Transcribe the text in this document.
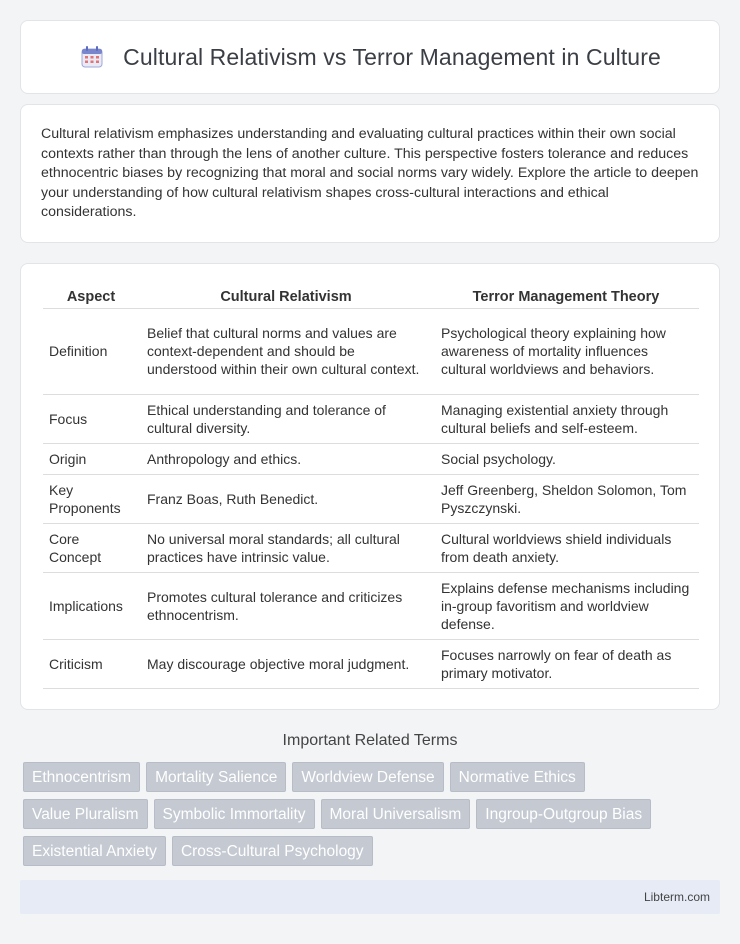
Cultural Relativism vs Terror Management in Culture

Cultural relativism emphasizes understanding and evaluating cultural practices within their own social contexts rather than through the lens of another culture. This perspective fosters tolerance and reduces ethnocentric biases by recognizing that moral and social norms vary widely. Explore the article to deepen your understanding of how cultural relativism shapes cross-cultural interactions and ethical considerations.

Aspect	Cultural Relativism	Terror Management Theory
Definition	Belief that cultural norms and values are context-dependent and should be understood within their own cultural context.	Psychological theory explaining how awareness of mortality influences cultural worldviews and behaviors.
Focus	Ethical understanding and tolerance of cultural diversity.	Managing existential anxiety through cultural beliefs and self-esteem.
Origin	Anthropology and ethics.	Social psychology.
Key Proponents	Franz Boas, Ruth Benedict.	Jeff Greenberg, Sheldon Solomon, Tom Pyszczynski.
Core Concept	No universal moral standards; all cultural practices have intrinsic value.	Cultural worldviews shield individuals from death anxiety.
Implications	Promotes cultural tolerance and criticizes ethnocentrism.	Explains defense mechanisms including in-group favoritism and worldview defense.
Criticism	May discourage objective moral judgment.	Focuses narrowly on fear of death as primary motivator.
Important Related Terms
Ethnocentrism	Mortality Salience	Worldview Defense	Normative Ethics
Value Pluralism	Symbolic Immortality	Moral Universalism	Ingroup-Outgroup Bias
Existential Anxiety	Cross-Cultural Psychology
Libterm.com
